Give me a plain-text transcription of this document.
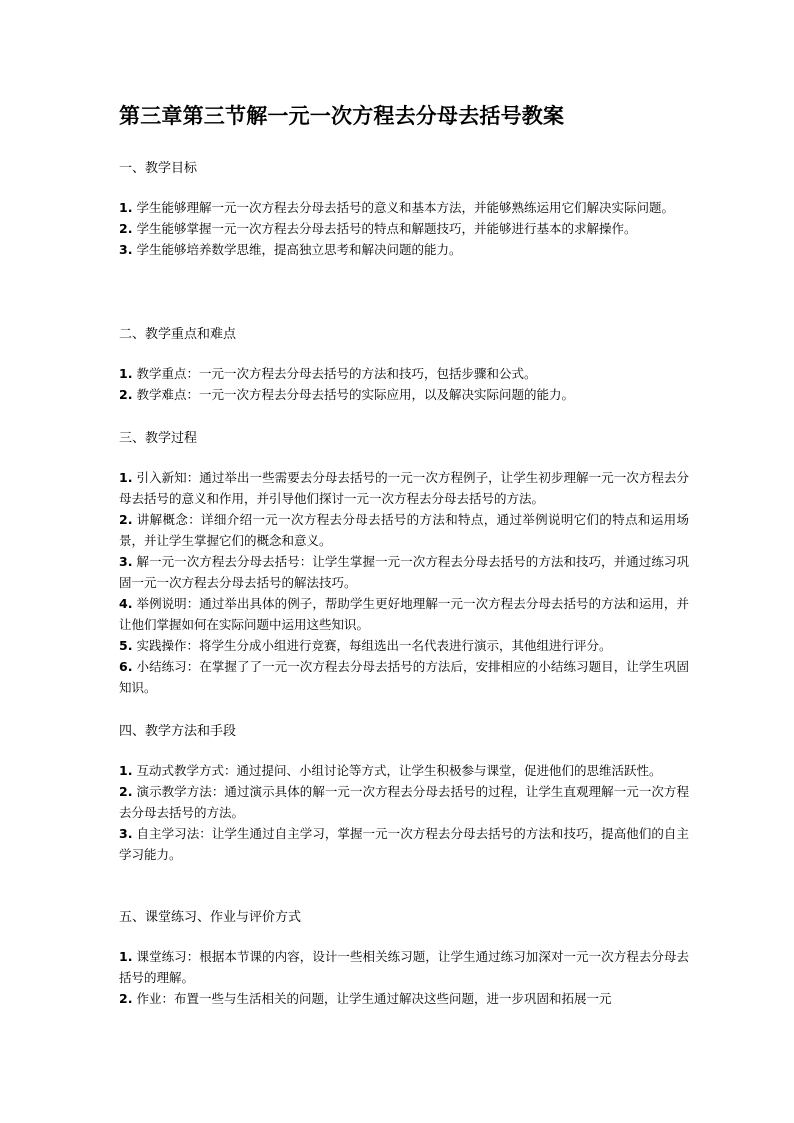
第三章第三节解一元一次方程去分母去括号教案
一、教学目标
1. 学生能够理解一元一次方程去分母去括号的意义和基本方法，并能够熟练运用它们解决实际问题。
2. 学生能够掌握一元一次方程去分母去括号的特点和解题技巧，并能够进行基本的求解操作。
3. 学生能够培养数学思维，提高独立思考和解决问题的能力。
二、教学重点和难点
1. 教学重点：一元一次方程去分母去括号的方法和技巧，包括步骤和公式。
2. 教学难点：一元一次方程去分母去括号的实际应用，以及解决实际问题的能力。
三、教学过程
1. 引入新知：通过举出一些需要去分母去括号的一元一次方程例子，让学生初步理解一元一次方程去分母去括号的意义和作用，并引导他们探讨一元一次方程去分母去括号的方法。
2. 讲解概念：详细介绍一元一次方程去分母去括号的方法和特点，通过举例说明它们的特点和运用场景，并让学生掌握它们的概念和意义。
3. 解一元一次方程去分母去括号：让学生掌握一元一次方程去分母去括号的方法和技巧，并通过练习巩固一元一次方程去分母去括号的解法技巧。
4. 举例说明：通过举出具体的例子，帮助学生更好地理解一元一次方程去分母去括号的方法和运用，并让他们掌握如何在实际问题中运用这些知识。
5. 实践操作：将学生分成小组进行竞赛，每组选出一名代表进行演示，其他组进行评分。
6. 小结练习：在掌握了了一元一次方程去分母去括号的方法后，安排相应的小结练习题目，让学生巩固知识。
四、教学方法和手段
1. 互动式教学方式：通过提问、小组讨论等方式，让学生积极参与课堂，促进他们的思维活跃性。
2. 演示教学方法：通过演示具体的解一元一次方程去分母去括号的过程，让学生直观理解一元一次方程去分母去括号的方法。
3. 自主学习法：让学生通过自主学习，掌握一元一次方程去分母去括号的方法和技巧，提高他们的自主学习能力。
五、课堂练习、作业与评价方式
1. 课堂练习：根据本节课的内容，设计一些相关练习题，让学生通过练习加深对一元一次方程去分母去括号的理解。
2. 作业：布置一些与生活相关的问题，让学生通过解决这些问题，进一步巩固和拓展一元
